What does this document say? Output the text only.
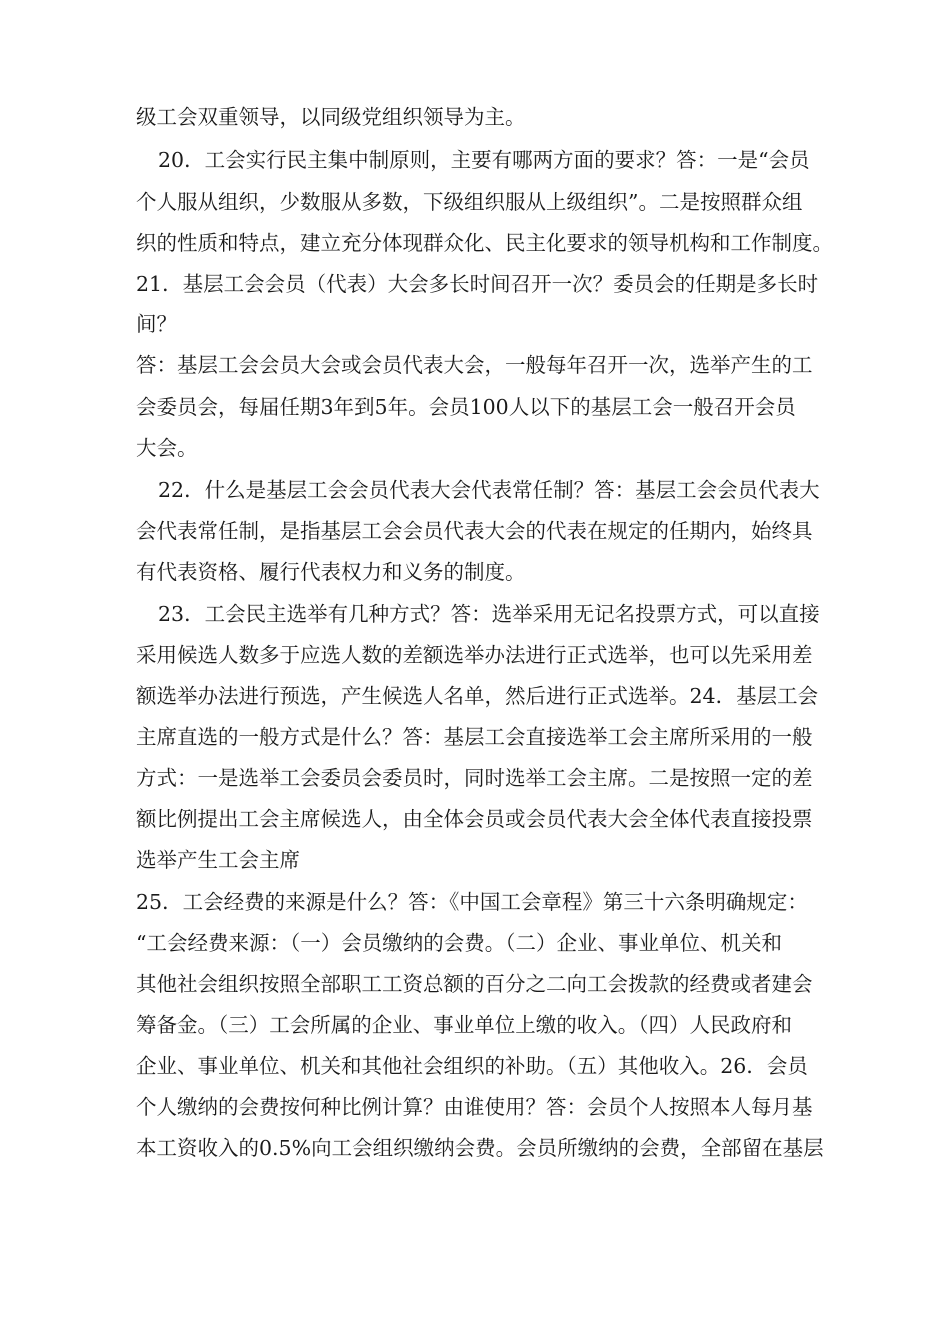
级工会双重领导，以同级党组织领导为主。
20．工会实行民主集中制原则，主要有哪两方面的要求？答：一是“会员
个人服从组织，少数服从多数，下级组织服从上级组织”。二是按照群众组
织的性质和特点，建立充分体现群众化、民主化要求的领导机构和工作制度。
21．基层工会会员（代表）大会多长时间召开一次？委员会的任期是多长时
间？
答：基层工会会员大会或会员代表大会，一般每年召开一次，选举产生的工
会委员会，每届任期3年到5年。会员100人以下的基层工会一般召开会员
大会。
22．什么是基层工会会员代表大会代表常任制？答：基层工会会员代表大
会代表常任制，是指基层工会会员代表大会的代表在规定的任期内，始终具
有代表资格、履行代表权力和义务的制度。
23．工会民主选举有几种方式？答：选举采用无记名投票方式，可以直接
采用候选人数多于应选人数的差额选举办法进行正式选举，也可以先采用差
额选举办法进行预选，产生候选人名单，然后进行正式选举。24．基层工会
主席直选的一般方式是什么？答：基层工会直接选举工会主席所采用的一般
方式：一是选举工会委员会委员时，同时选举工会主席。二是按照一定的差
额比例提出工会主席候选人，由全体会员或会员代表大会全体代表直接投票
选举产生工会主席
25．工会经费的来源是什么？答：《中国工会章程》第三十六条明确规定：
“工会经费来源：（一）会员缴纳的会费。（二）企业、事业单位、机关和
其他社会组织按照全部职工工资总额的百分之二向工会拨款的经费或者建会
筹备金。（三）工会所属的企业、事业单位上缴的收入。（四）人民政府和
企业、事业单位、机关和其他社会组织的补助。（五）其他收入。26．会员
个人缴纳的会费按何种比例计算？由谁使用？答：会员个人按照本人每月基
本工资收入的0.5%向工会组织缴纳会费。会员所缴纳的会费，全部留在基层
